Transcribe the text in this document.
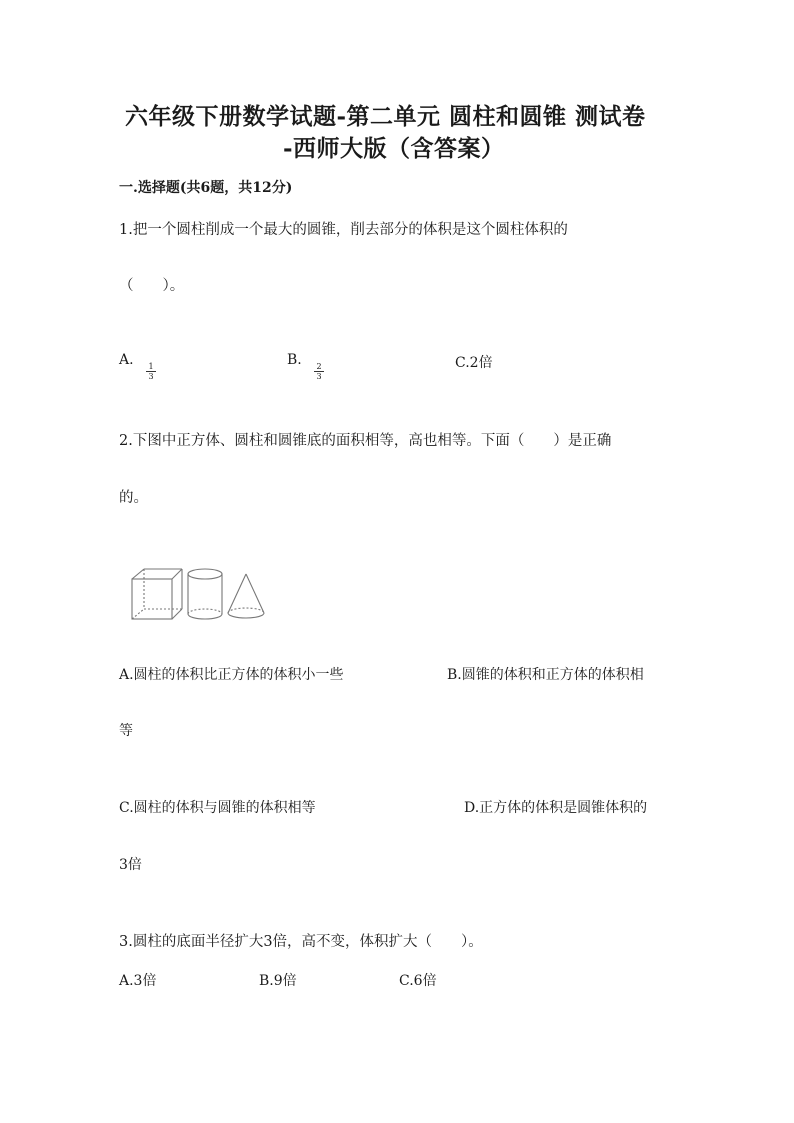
六年级下册数学试题-第二单元 圆柱和圆锥 测试卷
-西师大版（含答案）
一.选择题(共6题，共12分)
1.把一个圆柱削成一个最大的圆锥，削去部分的体积是这个圆柱体积的
（　　）。
A.
$\frac{1}{3}$
B.
$\frac{2}{3}$	C.2倍
2.下图中正方体、圆柱和圆锥底的面积相等，高也相等。下面（　　）是正确
的。
A.圆柱的体积比正方体的体积小一些	B.圆锥的体积和正方体的体积相
等
C.圆柱的体积与圆锥的体积相等	D.正方体的体积是圆锥体积的
3倍
3.圆柱的底面半径扩大3倍，高不变，体积扩大（　　）。
A.3倍	B.9倍	C.6倍
